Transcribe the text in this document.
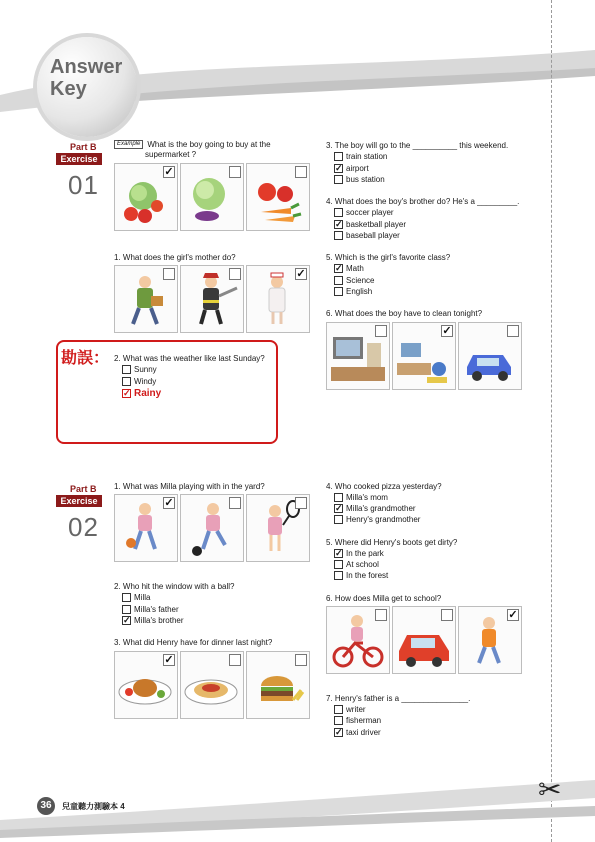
Answer
Key
Part B
Exercise
01
Example What is the boy going to buy at the
supermarket ?
✓
1. What does the girl's mother do?
✓
勘誤： 2. What was the weather like last Sunday?
Sunny
Windy
✓ Rainy
3. The boy will go to the __________ this weekend.
train station
✓ airport
bus station
4. What does the boy's brother do? He's a _________.
soccer player
✓ basketball player
baseball player
5. Which is the girl's favorite class?
✓ Math
Science
English
6. What does the boy have to clean tonight?
✓
Part B
Exercise
02
1. What was Milla playing with in the yard?
✓
2. Who hit the window with a ball?
Milla
Milla's father
✓ Milla's brother
3. What did Henry have for dinner last night?
✓
4. Who cooked pizza yesterday?
Milla's mom
✓ Milla's grandmother
Henry's grandmother
5. Where did Henry's boots get dirty?
✓ In the park
At school
In the forest
6. How does Milla get to school?
✓
7. Henry's father is a _______________.
writer
fisherman
✓ taxi driver
36	兒童聽力測驗本 4
✂
